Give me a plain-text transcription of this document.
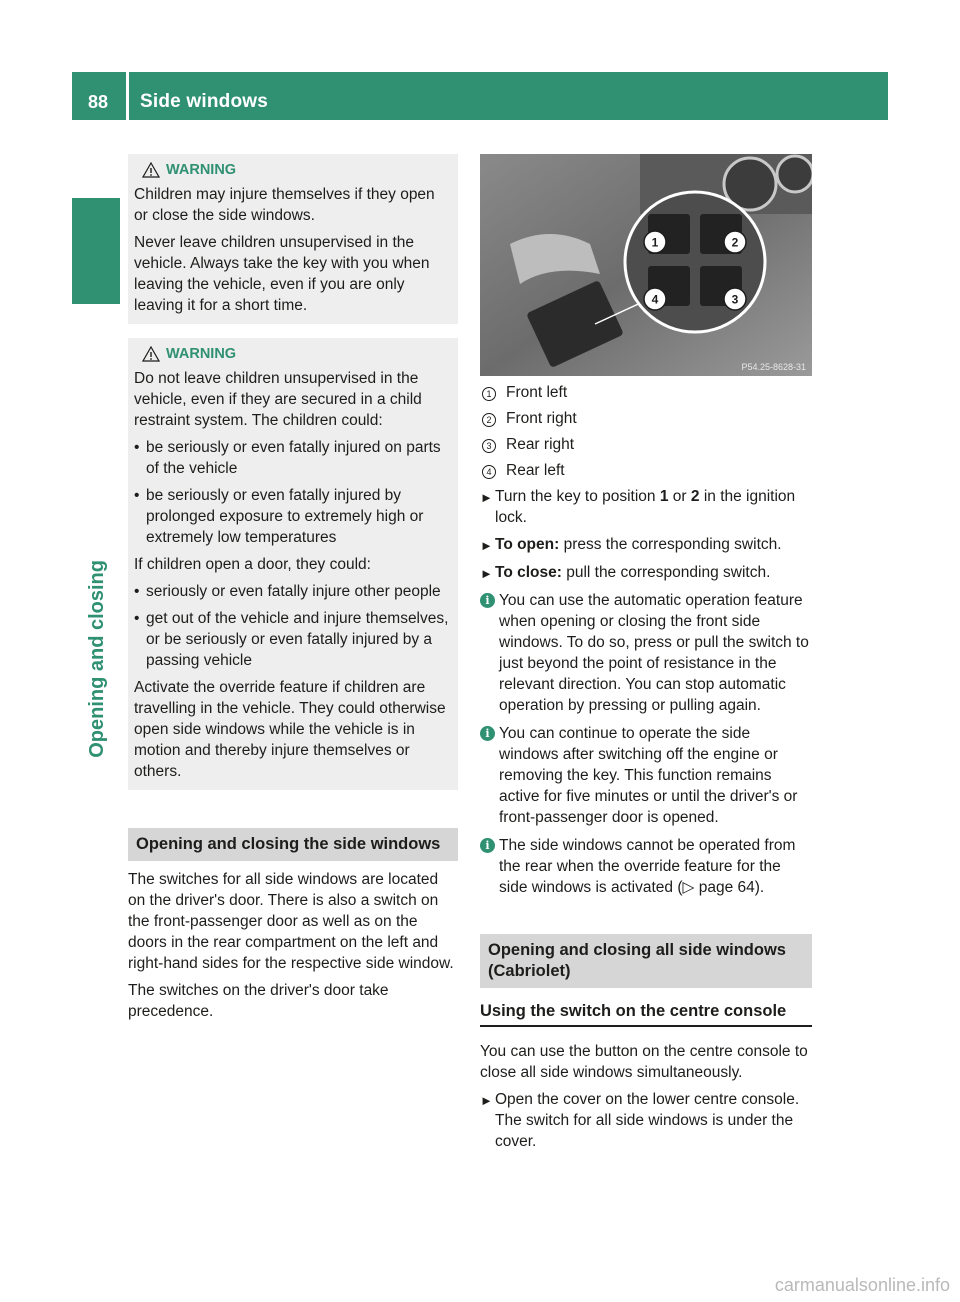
88 Side windows
Opening and closing
WARNING

Children may injure themselves if they open or close the side windows.

Never leave children unsupervised in the vehicle. Always take the key with you when leaving the vehicle, even if you are only leaving it for a short time.

WARNING

Do not leave children unsupervised in the vehicle, even if they are secured in a child restraint system. The children could:

• be seriously or even fatally injured on parts of the vehicle
• be seriously or even fatally injured by prolonged exposure to extremely high or extremely low temperatures

If children open a door, they could:

• seriously or even fatally injure other people
• get out of the vehicle and injure themselves, or be seriously or even fatally injured by a passing vehicle

Activate the override feature if children are travelling in the vehicle. They could otherwise open side windows while the vehicle is in motion and thereby injure themselves or others.

Opening and closing the side windows

The switches for all side windows are located on the driver's door. There is also a switch on the front-passenger door as well as on the doors in the rear compartment on the left and right-hand sides for the respective side window.

The switches on the driver's door take precedence.

1	2
3
4
P54.25-8628-31
1 Front left
2 Front right
3 Rear right
4 Rear left
► Turn the key to position 1 or 2 in the ignition lock.
► To open: press the corresponding switch.
► To close: pull the corresponding switch.
i You can use the automatic operation feature when opening or closing the front side windows. To do so, press or pull the switch to just beyond the point of resistance in the relevant direction. You can stop automatic operation by pressing or pulling again.
i You can continue to operate the side windows after switching off the engine or removing the key. This function remains active for five minutes or until the driver's or front-passenger door is opened.
i The side windows cannot be operated from the rear when the override feature for the side windows is activated (▷ page 64).
Opening and closing all side windows (Cabriolet)
Using the switch on the centre console

You can use the button on the centre console to close all side windows simultaneously.

► Open the cover on the lower centre console.
The switch for all side windows is under the cover.
carmanualsonline.info
